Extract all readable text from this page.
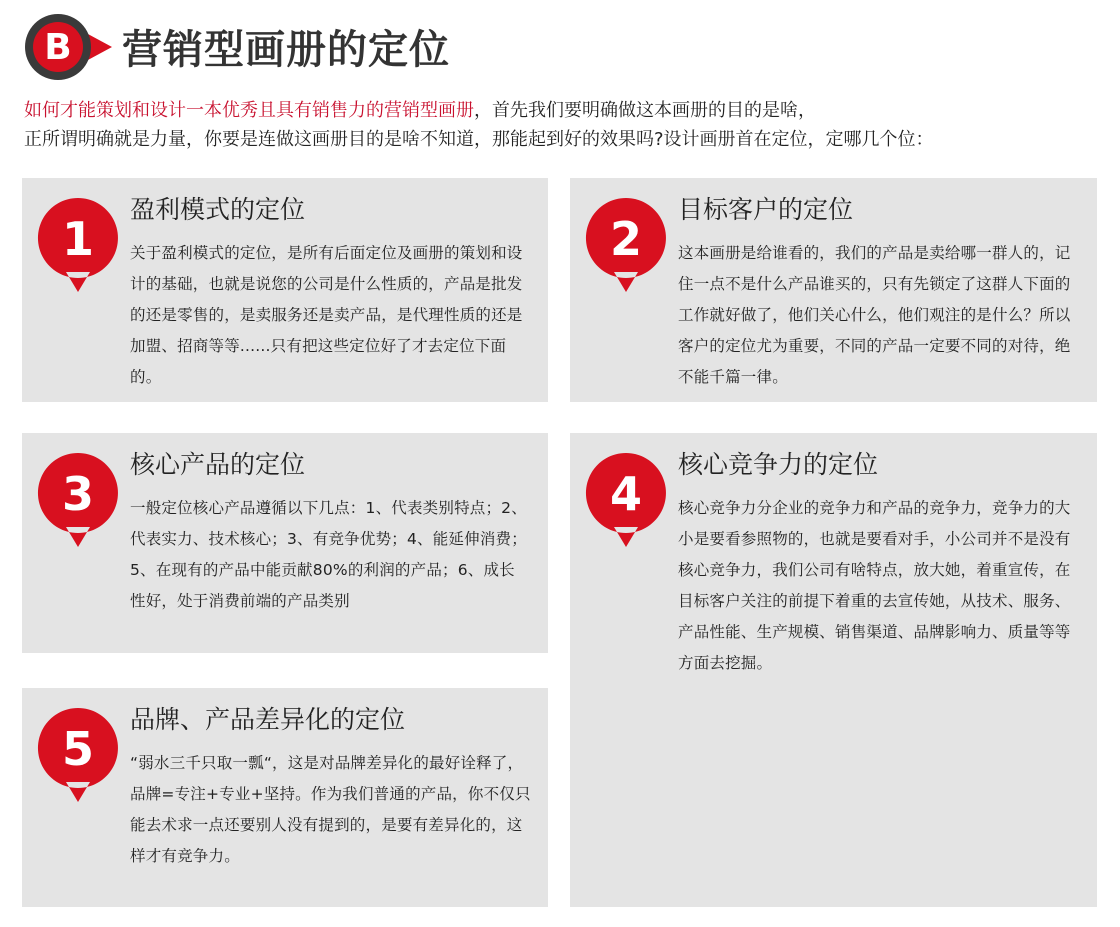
B 营销型画册的定位
如何才能策划和设计一本优秀且具有销售力的营销型画册，首先我们要明确做这本画册的目的是啥，
正所谓明确就是力量，你要是连做这画册目的是啥不知道，那能起到好的效果吗?设计画册首在定位，定哪几个位：
1
盈利模式的定位

关于盈利模式的定位，是所有后面定位及画册的策划和设计的基础，也就是说您的公司是什么性质的，产品是批发的还是零售的，是卖服务还是卖产品，是代理性质的还是加盟、招商等等......只有把这些定位好了才去定位下面的。

2
目标客户的定位

这本画册是给谁看的，我们的产品是卖给哪一群人的，记住一点不是什么产品谁买的，只有先锁定了这群人下面的工作就好做了，他们关心什么，他们观注的是什么？所以客户的定位尤为重要，不同的产品一定要不同的对待，绝不能千篇一律。

3
核心产品的定位

一般定位核心产品遵循以下几点：1、代表类别特点；2、代表实力、技术核心；3、有竞争优势；4、能延伸消费；5、在现有的产品中能贡献80%的利润的产品；6、成长性好，处于消费前端的产品类别

4
核心竞争力的定位

核心竞争力分企业的竞争力和产品的竞争力，竞争力的大小是要看参照物的，也就是要看对手，小公司并不是没有核心竞争力，我们公司有啥特点，放大她，着重宣传，在目标客户关注的前提下着重的去宣传她，从技术、服务、产品性能、生产规模、销售渠道、品牌影响力、质量等等方面去挖掘。

5
品牌、产品差异化的定位

“弱水三千只取一瓢“，这是对品牌差异化的最好诠释了，品牌=专注+专业+坚持。作为我们普通的产品，你不仅只能去术求一点还要别人没有提到的，是要有差异化的，这样才有竞争力。
